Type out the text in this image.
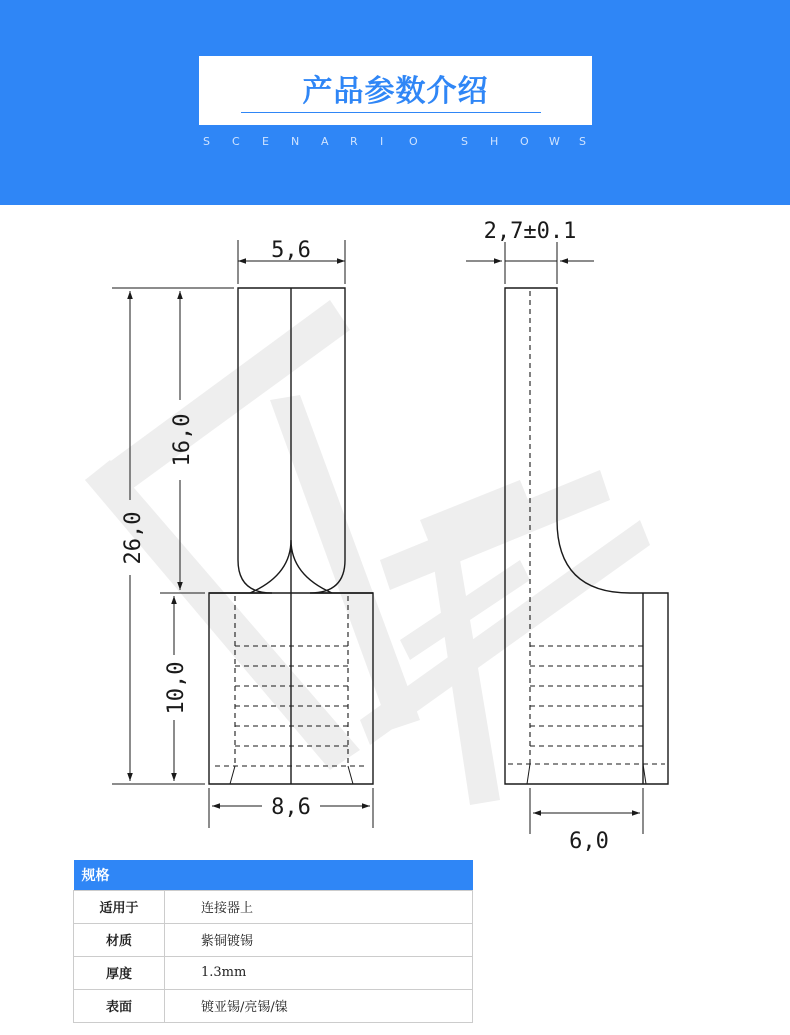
产品参数介绍
S C E N A R I O	S H O W S
5,6
26,0
16,0
10,0
8,6
2,7±0.1
6,0
规格	
适用于	连接器上
材质	紫铜镀锡
厚度	1.3mm
表面	镀亚锡/亮锡/镍
